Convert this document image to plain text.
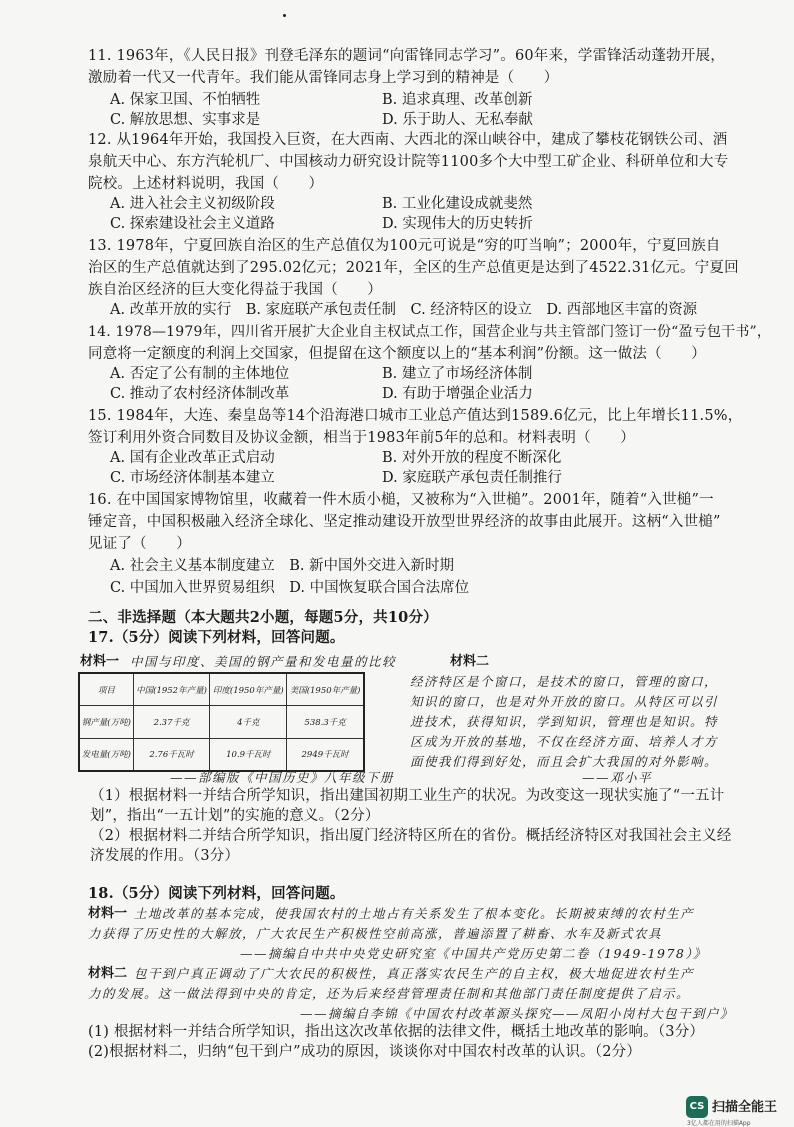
11. 1963年，《人民日报》刊登毛泽东的题词“向雷锋同志学习”。60年来，学雷锋活动蓬勃开展，
激励着一代又一代青年。我们能从雷锋同志身上学习到的精神是（　　）
A. 保家卫国、不怕牺牲	B. 追求真理、改革创新
C. 解放思想、实事求是	D. 乐于助人、无私奉献
12. 从1964年开始，我国投入巨资，在大西南、大西北的深山峡谷中，建成了攀枝花钢铁公司、酒
泉航天中心、东方汽轮机厂、中国核动力研究设计院等1100多个大中型工矿企业、科研单位和大专
院校。上述材料说明，我国（　　）
A. 进入社会主义初级阶段	B. 工业化建设成就斐然
C. 探索建设社会主义道路	D. 实现伟大的历史转折
13. 1978年，宁夏回族自治区的生产总值仅为100元可说是“穷的叮当响”；2000年，宁夏回族自
治区的生产总值就达到了295.02亿元；2021年，全区的生产总值更是达到了4522.31亿元。宁夏回
族自治区经济的巨大变化得益于我国（　　）
A. 改革开放的实行　B. 家庭联产承包责任制　C. 经济特区的设立　D. 西部地区丰富的资源
14. 1978—1979年，四川省开展扩大企业自主权试点工作，国营企业与共主管部门签订一份“盈亏包干书”，
同意将一定额度的利润上交国家，但提留在这个额度以上的“基本利润”份额。这一做法（　　）
A. 否定了公有制的主体地位	B. 建立了市场经济体制
C. 推动了农村经济体制改革	D. 有助于增强企业活力
15. 1984年，大连、秦皇岛等14个沿海港口城市工业总产值达到1589.6亿元，比上年增长11.5%，
签订利用外资合同数目及协议金额，相当于1983年前5年的总和。材料表明（　　）
A. 国有企业改革正式启动	B. 对外开放的程度不断深化
C. 市场经济体制基本建立	D. 家庭联产承包责任制推行
16. 在中国国家博物馆里，收藏着一件木质小槌，又被称为“入世槌”。2001年，随着“入世槌”一
锤定音，中国积极融入经济全球化、坚定推动建设开放型世界经济的故事由此展开。这柄“入世槌”
见证了（　　）
A. 社会主义基本制度建立　B. 新中国外交进入新时期
C. 中国加入世界贸易组织　D. 中国恢复联合国合法席位
二、非选择题（本大题共2小题，每题5分，共10分）
17.（5分）阅读下列材料，回答问题。
材料一 中国与印度、美国的钢产量和发电量的比较	材料二
项目	中国(1952年产量)	印度(1950年产量)	美国(1950年产量)
钢产量(万吨)	2.37千克	4千克	538.3千克
发电量(万吨)	2.76千瓦时	10.9千瓦时	2949千瓦时
经济特区是个窗口，是技术的窗口，管理的窗口，
知识的窗口，也是对外开放的窗口。从特区可以引
进技术，获得知识，学到知识，管理也是知识。特
区成为开放的基地，不仅在经济方面、培养人才方
面使我们得到好处，而且会扩大我国的对外影响。
——部编版《中国历史》八年级下册	——邓小平
（1）根据材料一并结合所学知识，指出建国初期工业生产的状况。为改变这一现状实施了“一五计
划”，指出“一五计划”的实施的意义。（2分）
（2）根据材料二并结合所学知识，指出厦门经济特区所在的省份。概括经济特区对我国社会主义经
济发展的作用。（3分）
18.（5分）阅读下列材料，回答问题。
材料一 土地改革的基本完成，使我国农村的土地占有关系发生了根本变化。长期被束缚的农村生产
力获得了历史性的大解放，广大农民生产积极性空前高涨，普遍添置了耕畜、水车及新式农具
——摘编自中共中央党史研究室《中国共产党历史第二卷（1949-1978）》
材料二 包干到户真正调动了广大农民的积极性，真正落实农民生产的自主权，极大地促进农村生产
力的发展。这一做法得到中央的肯定，还为后来经营管理责任制和其他部门责任制度提供了启示。
——摘编自李锦《中国农村改革源头探究——凤阳小岗村大包干到户》
(1) 根据材料一并结合所学知识，指出这次改革依据的法律文件，概括土地改革的影响。（3分）
(2)根据材料二，归纳“包干到户”成功的原因，谈谈你对中国农村改革的认识。（2分）
CS 扫描全能王
3亿人都在用的扫描App
